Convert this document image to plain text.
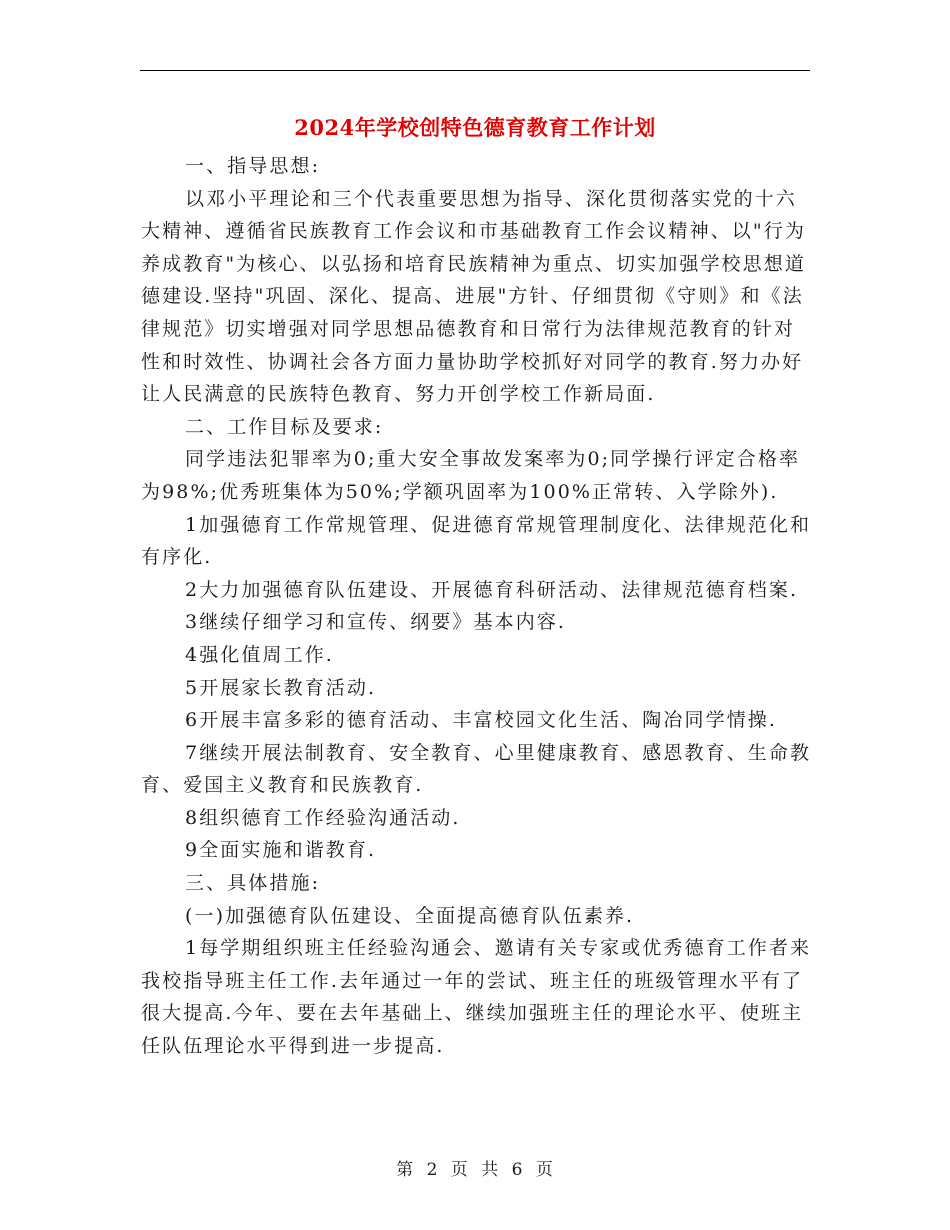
2024年学校创特色德育教育工作计划

一、指导思想:

以邓小平理论和三个代表重要思想为指导、深化贯彻落实党的十六大精神、遵循省民族教育工作会议和市基础教育工作会议精神、以"行为养成教育"为核心、以弘扬和培育民族精神为重点、切实加强学校思想道德建设.坚持"巩固、深化、提高、进展"方针、仔细贯彻《守则》和《法律规范》切实增强对同学思想品德教育和日常行为法律规范教育的针对性和时效性、协调社会各方面力量协助学校抓好对同学的教育.努力办好让人民满意的民族特色教育、努力开创学校工作新局面.

二、工作目标及要求:

同学违法犯罪率为0;重大安全事故发案率为0;同学操行评定合格率为98%;优秀班集体为50%;学额巩固率为100%正常转、入学除外).

1加强德育工作常规管理、促进德育常规管理制度化、法律规范化和有序化.

2大力加强德育队伍建设、开展德育科研活动、法律规范德育档案.

3继续仔细学习和宣传、纲要》基本内容.

4强化值周工作.

5开展家长教育活动.

6开展丰富多彩的德育活动、丰富校园文化生活、陶冶同学情操.

7继续开展法制教育、安全教育、心里健康教育、感恩教育、生命教育、爱国主义教育和民族教育.

8组织德育工作经验沟通活动.

9全面实施和谐教育.

三、具体措施:

(一)加强德育队伍建设、全面提高德育队伍素养.

1每学期组织班主任经验沟通会、邀请有关专家或优秀德育工作者来我校指导班主任工作.去年通过一年的尝试、班主任的班级管理水平有了很大提高.今年、要在去年基础上、继续加强班主任的理论水平、使班主任队伍理论水平得到进一步提高.

第 2 页 共 6 页
